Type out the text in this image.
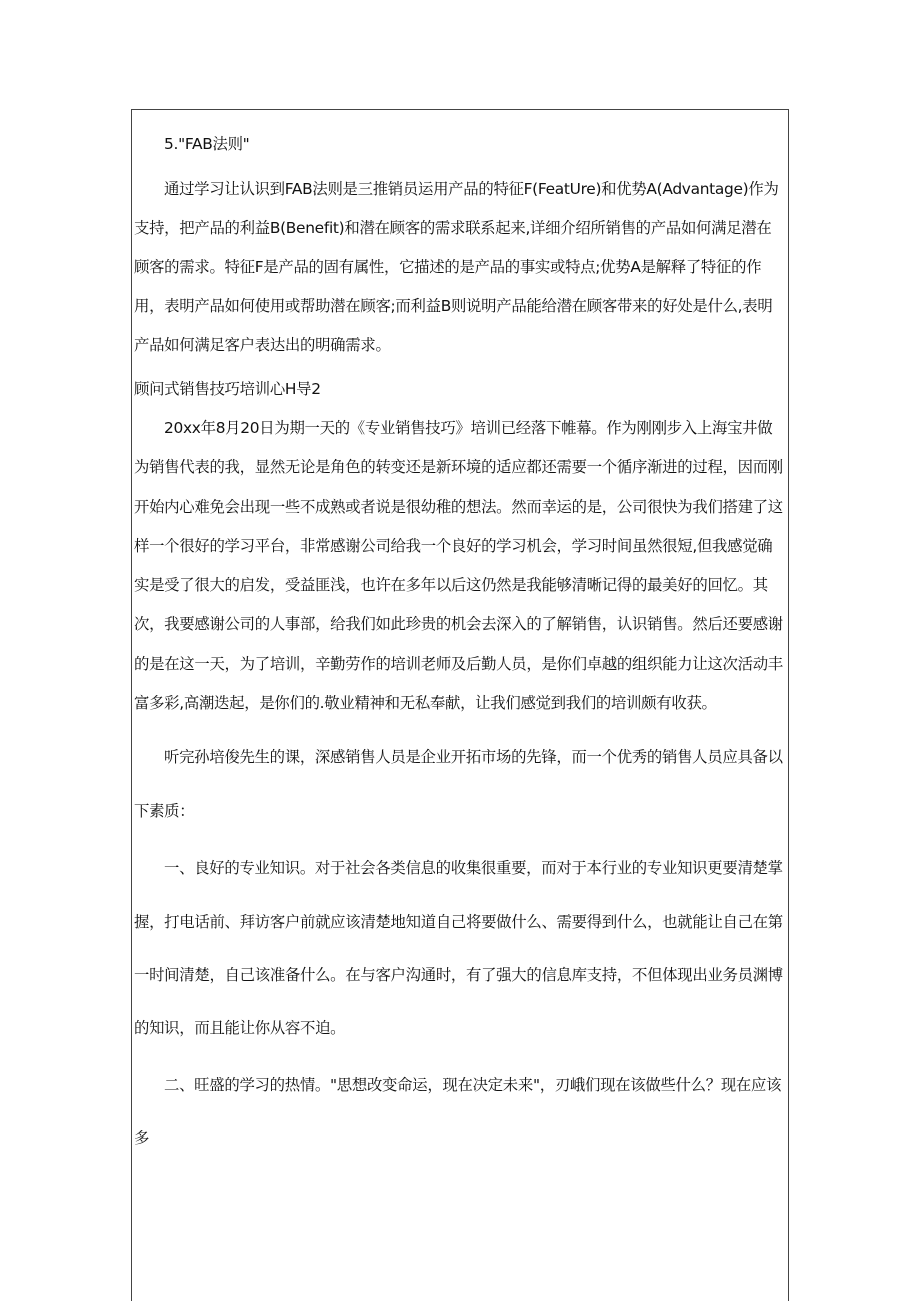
5."FAB法则"

通过学习让认识到FAB法则是三推销员运用产品的特征F(FeatUre)和优势A(Advantage)作为支持，把产品的利益B(Benefit)和潜在顾客的需求联系起来,详细介绍所销售的产品如何满足潜在顾客的需求。特征F是产品的固有属性，它描述的是产品的事实或特点;优势A是解释了特征的作用，表明产品如何使用或帮助潜在顾客;而利益B则说明产品能给潜在顾客带来的好处是什么,表明产品如何满足客户表达出的明确需求。

顾问式销售技巧培训心H导2

20xx年8月20日为期一天的《专业销售技巧》培训已经落下帷幕。作为刚刚步入上海宝井做为销售代表的我，显然无论是角色的转变还是新环境的适应都还需要一个循序渐进的过程，因而刚开始内心难免会出现一些不成熟或者说是很幼稚的想法。然而幸运的是，公司很快为我们搭建了这样一个很好的学习平台，非常感谢公司给我一个良好的学习机会，学习时间虽然很短,但我感觉确实是受了很大的启发，受益匪浅，也许在多年以后这仍然是我能够清晰记得的最美好的回忆。其次，我要感谢公司的人事部，给我们如此珍贵的机会去深入的了解销售，认识销售。然后还要感谢的是在这一天，为了培训，辛勤劳作的培训老师及后勤人员，是你们卓越的组织能力让这次活动丰富多彩,高潮迭起，是你们的.敬业精神和无私奉献，让我们感觉到我们的培训颇有收获。

听完孙培俊先生的课，深感销售人员是企业开拓市场的先锋，而一个优秀的销售人员应具备以下素质：

一、良好的专业知识。对于社会各类信息的收集很重要，而对于本行业的专业知识更要清楚掌握，打电话前、拜访客户前就应该清楚地知道自己将要做什么、需要得到什么，也就能让自己在第一时间清楚，自己该准备什么。在与客户沟通时，有了强大的信息库支持，不但体现出业务员渊博的知识，而且能让你从容不迫。

二、旺盛的学习的热情。"思想改变命运，现在决定未来"，刃峨们现在该做些什么？现在应该多
